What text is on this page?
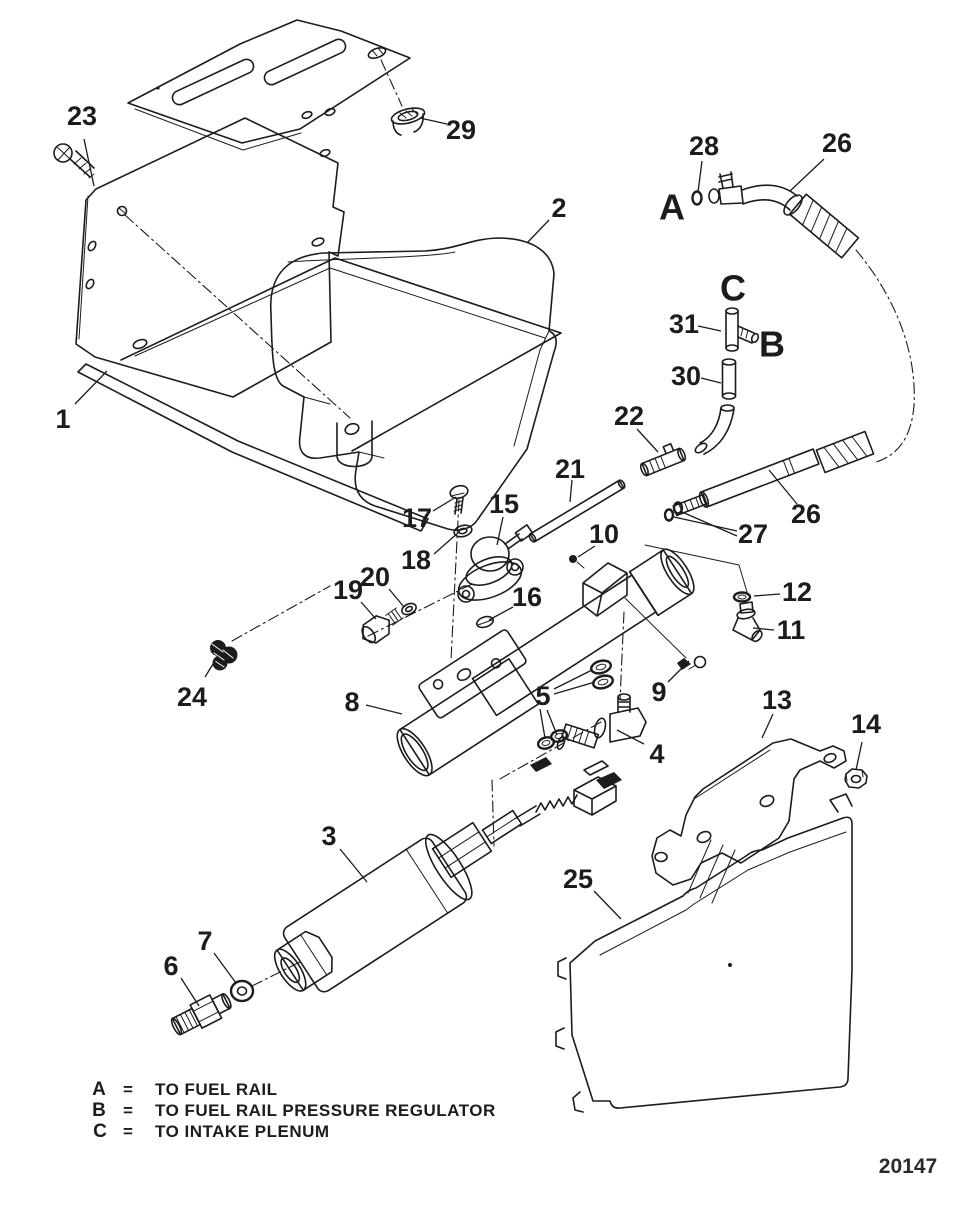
1
2
3
4
5
6
7
8	9
10
11
12
13
14
15
16
17
18
19
20
21
22
23
24
25
26
26
27
28
29
30
31
A
B
C
A = TO FUEL RAIL
B = TO FUEL RAIL PRESSURE REGULATOR
C = TO INTAKE PLENUM
20147
